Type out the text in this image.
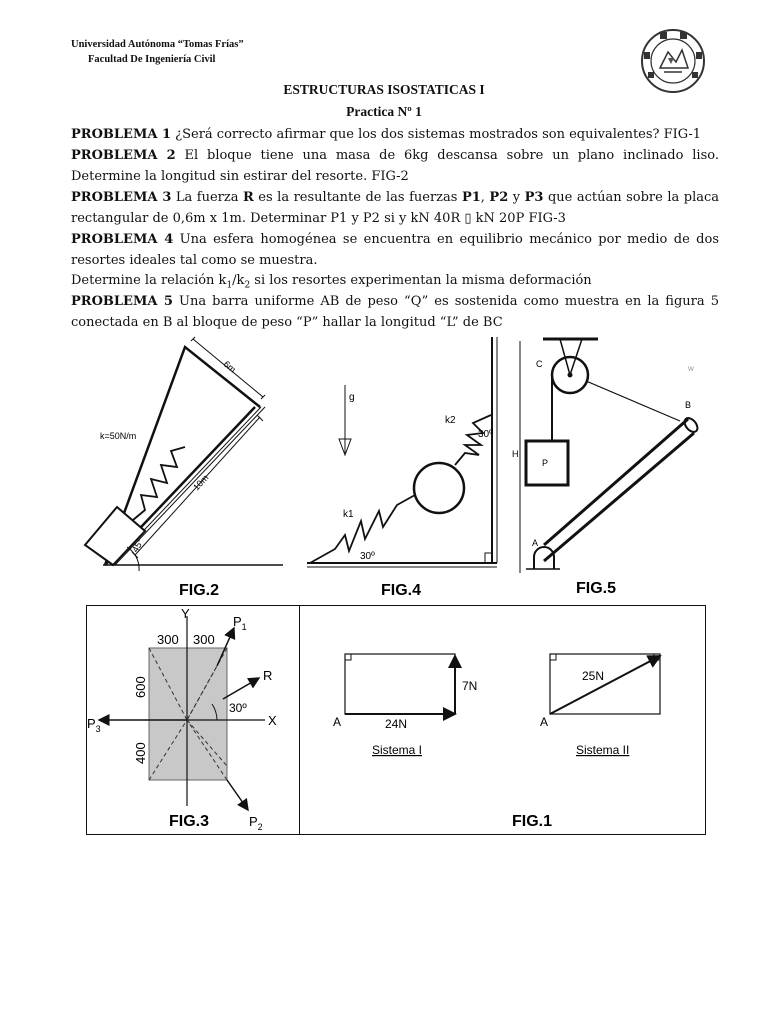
Universidad Autónoma “Tomas Frías”
Facultad De Ingeniería Civil
ESTRUCTURAS ISOSTATICAS I
Practica Nº 1
PROBLEMA 1 ¿Será correcto afirmar que los dos sistemas mostrados son equivalentes? FIG-1
PROBLEMA 2 El bloque tiene una masa de 6kg descansa sobre un plano inclinado liso. Determine la longitud sin estirar del resorte. FIG-2
PROBLEMA 3 La fuerza R es la resultante de las fuerzas P1, P2 y P3 que actúan sobre la placa rectangular de 0,6m x 1m. Determinar P1 y P2 si y kN 40R ▯ kN 20P FIG-3
PROBLEMA 4 Una esfera homogénea se encuentra en equilibrio mecánico por medio de dos resortes ideales tal como se muestra.
Determine la relación $k_1/k_2$ si los resortes experimentan la misma deformación
PROBLEMA 5 Una barra uniforme AB de peso “Q” es sostenida como muestra en la figura 5 conectada en B al bloque de peso “P” hallar la longitud “L” de BC
k=50N/m
6m
10m
45°
FIG.2
g
k1
k2
30º
30º
FIG.4
P
H
C
B
A
w
FIG.5
Y
X
30º
R
$P_1$
$P_2$
$P_3$
300 300
600
400
FIG.3
24N
7N
A
Sistema I
25N
A
Sistema II
FIG.1
